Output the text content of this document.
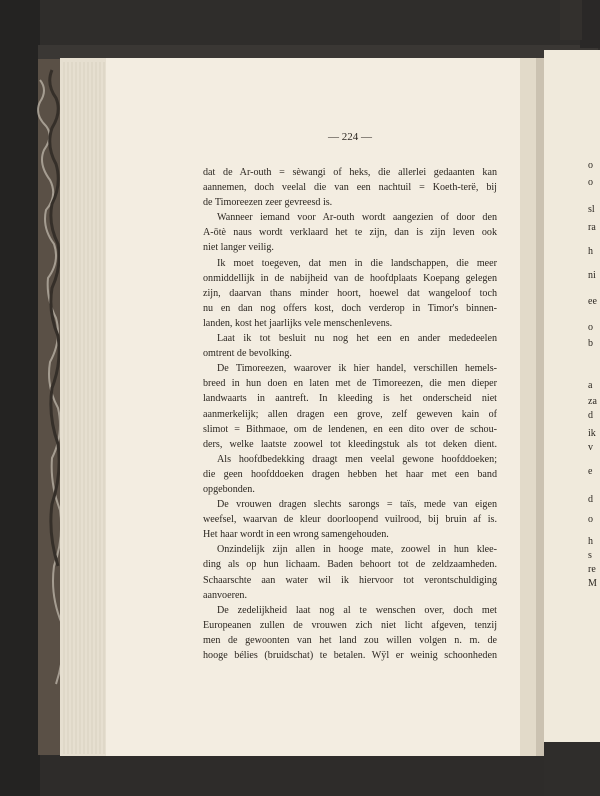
— 224 —
dat de Ar-outh = sèwangi of heks, die allerlei gedaanten kan
aannemen, doch veelal die van een nachtuil = Koeth-terë, bij
de Timoreezen zeer gevreesd is.
Wanneer iemand voor Ar-outh wordt aangezien of door den
A-ōtè naus wordt verklaard het te zijn, dan is zijn leven ook
niet langer veilig.
Ik moet toegeven, dat men in die landschappen, die meer
onmiddellijk in de nabijheid van de hoofdplaats Koepang gelegen
zijn, daarvan thans minder hoort, hoewel dat wangeloof toch
nu en dan nog offers kost, doch verderop in Timor's binnen-
landen, kost het jaarlijks vele menschenlevens.
Laat ik tot besluit nu nog het een en ander mededeelen
omtrent de bevolking.
De Timoreezen, waarover ik hier handel, verschillen hemels-
breed in hun doen en laten met de Timoreezen, die men dieper
landwaarts in aantreft. In kleeding is het onderscheid niet
aanmerkelijk; allen dragen een grove, zelf geweven kain of
slimot = Bithmaoe, om de lendenen, en een dito over de schou-
ders, welke laatste zoowel tot kleedingstuk als tot deken dient.
Als hoofdbedekking draagt men veelal gewone hoofddoeken;
die geen hoofddoeken dragen hebben het haar met een band
opgebonden.
De vrouwen dragen slechts sarongs = taïs, mede van eigen
weefsel, waarvan de kleur doorloopend vuilrood, bij bruin af is.
Het haar wordt in een wrong samengehouden.
Onzindelijk zijn allen in hooge mate, zoowel in hun klee-
ding als op hun lichaam. Baden behoort tot de zeldzaamheden.
Schaarschte aan water wil ik hiervoor tot verontschuldiging
aanvoeren.
De zedelijkheid laat nog al te wenschen over, doch met
Europeanen zullen de vrouwen zich niet licht afgeven, tenzij
men de gewoonten van het land zou willen volgen n. m. de
hooge bélies (bruidschat) te betalen. Wÿl er weinig schoonheden
o
o
sl
ra
h
ni
ee
o
b
a
za
d
ik
v
e
d
o
h
s
re
M
